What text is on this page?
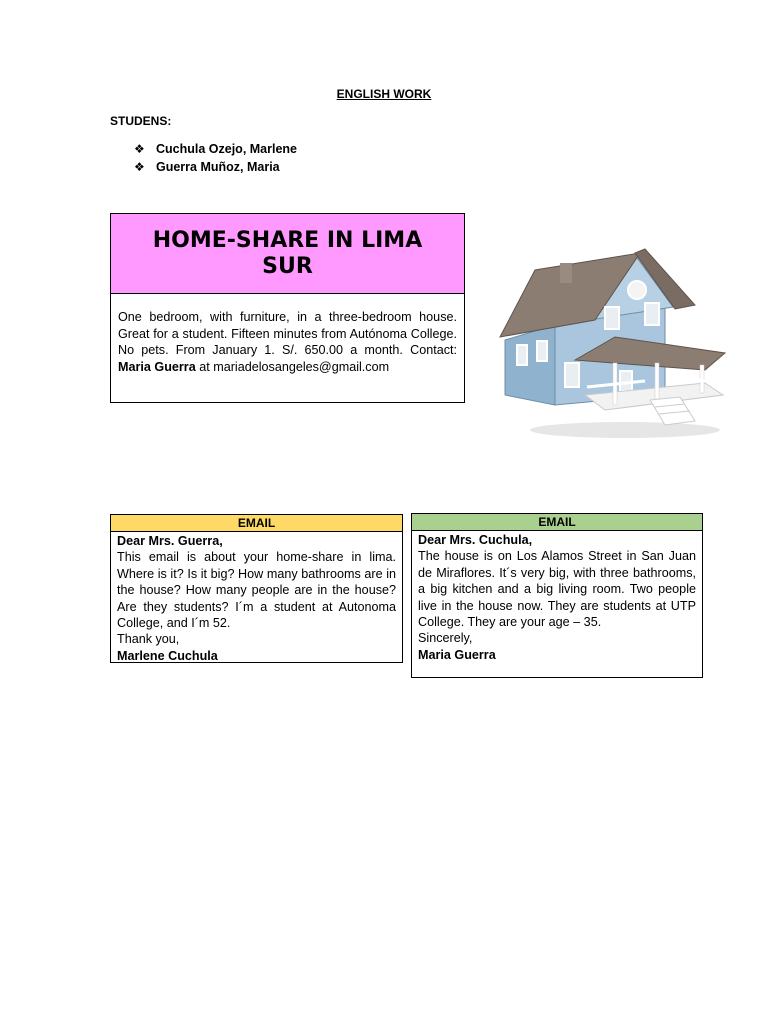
ENGLISH WORK
STUDENS:
❖ Cuchula Ozejo, Marlene
❖ Guerra Muñoz, Maria
HOME-SHARE IN LIMA SUR
One bedroom, with furniture, in a three-bedroom house. Great for a student. Fifteen minutes from Autónoma College. No pets. From January 1. S/. 650.00 a month. Contact: Maria Guerra at mariadelosangeles@gmail.com
EMAIL
Dear Mrs. Guerra,
This email is about your home-share in lima. Where is it? Is it big? How many bathrooms are in the house? How many people are in the house? Are they students? I´m a student at Autonoma College, and I´m 52.
Thank you,
Marlene Cuchula
EMAIL
Dear Mrs. Cuchula,
The house is on Los Alamos Street in San Juan de Miraflores. It´s very big, with three bathrooms, a big kitchen and a big living room. Two people live in the house now. They are students at UTP College. They are your age – 35.
Sincerely,
Maria Guerra
